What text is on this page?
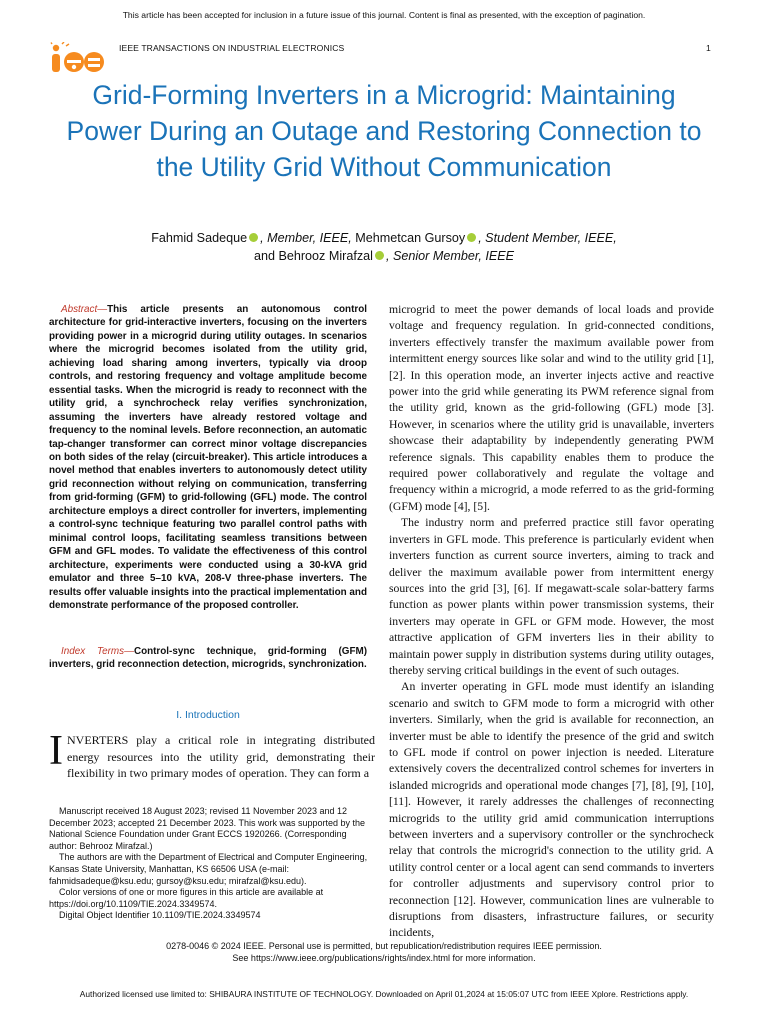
This article has been accepted for inclusion in a future issue of this journal. Content is final as presented, with the exception of pagination.
IEEE TRANSACTIONS ON INDUSTRIAL ELECTRONICS	1
Grid-Forming Inverters in a Microgrid: Maintaining Power During an Outage and Restoring Connection to the Utility Grid Without Communication
Fahmid Sadeque , Member, IEEE, Mehmetcan Gursoy , Student Member, IEEE,
and Behrooz Mirafzal , Senior Member, IEEE
Abstract—This article presents an autonomous control architecture for grid-interactive inverters, focusing on the inverters providing power in a microgrid during utility outages. In scenarios where the microgrid becomes isolated from the utility grid, achieving load sharing among inverters, typically via droop controls, and restoring frequency and voltage amplitude become essential tasks. When the microgrid is ready to reconnect with the utility grid, a synchrocheck relay verifies synchronization, assuming the inverters have already restored voltage and frequency to the nominal levels. Before reconnection, an automatic tap-changer transformer can correct minor voltage discrepancies on both sides of the relay (circuit-breaker). This article introduces a novel method that enables inverters to autonomously detect utility grid reconnection without relying on communication, transferring from grid-forming (GFM) to grid-following (GFL) mode. The control architecture employs a direct controller for inverters, implementing a control-sync technique featuring two parallel control paths with minimal control loops, facilitating seamless transitions between GFM and GFL modes. To validate the effectiveness of this control architecture, experiments were conducted using a 30-kVA grid emulator and three 5–10 kVA, 208-V three-phase inverters. The results offer valuable insights into the practical implementation and demonstrate performance of the proposed controller.
Index Terms—Control-sync technique, grid-forming (GFM) inverters, grid reconnection detection, microgrids, synchronization.
I. Introduction
INVERTERS play a critical role in integrating distributed energy resources into the utility grid, demonstrating their flexibility in two primary modes of operation. They can form a

Manuscript received 18 August 2023; revised 11 November 2023 and 12 December 2023; accepted 21 December 2023. This work was supported by the National Science Foundation under Grant ECCS 1920266. (Corresponding author: Behrooz Mirafzal.)

The authors are with the Department of Electrical and Computer Engineering, Kansas State University, Manhattan, KS 66506 USA (e-mail: fahmidsadeque@ksu.edu; gursoy@ksu.edu; mirafzal@ksu.edu).

Color versions of one or more figures in this article are available at https://doi.org/10.1109/TIE.2024.3349574.

Digital Object Identifier 10.1109/TIE.2024.3349574

microgrid to meet the power demands of local loads and provide voltage and frequency regulation. In grid-connected conditions, inverters effectively transfer the maximum available power from intermittent energy sources like solar and wind to the utility grid [1], [2]. In this operation mode, an inverter injects active and reactive power into the grid while generating its PWM reference signal from the utility grid, known as the grid-following (GFL) mode [3]. However, in scenarios where the utility grid is unavailable, inverters showcase their adaptability by independently generating PWM reference signals. This capability enables them to produce the required power collaboratively and regulate the voltage and frequency within a microgrid, a mode referred to as the grid-forming (GFM) mode [4], [5].

The industry norm and preferred practice still favor operating inverters in GFL mode. This preference is particularly evident when inverters function as current source inverters, aiming to track and deliver the maximum available power from intermittent energy sources into the grid [3], [6]. If megawatt-scale solar-battery farms function as power plants within power transmission systems, their inverters may operate in GFL or GFM mode. However, the most attractive application of GFM inverters lies in their ability to maintain power supply in distribution systems during utility outages, thereby serving critical buildings in the event of such outages.

An inverter operating in GFL mode must identify an islanding scenario and switch to GFM mode to form a microgrid with other inverters. Similarly, when the grid is available for reconnection, an inverter must be able to identify the presence of the grid and switch to GFL mode if control on power injection is needed. Literature extensively covers the decentralized control schemes for inverters in islanded microgrids and operational mode changes [7], [8], [9], [10], [11]. However, it rarely addresses the challenges of reconnecting microgrids to the utility grid amid communication interruptions between inverters and a supervisory controller or the synchrocheck relay that controls the microgrid's connection to the utility grid. A utility control center or a local agent can send commands to inverters for controller adjustments and supervisory control prior to reconnection [12]. However, communication lines are vulnerable to disruptions from disasters, infrastructure failures, or security incidents,

0278-0046 © 2024 IEEE. Personal use is permitted, but republication/redistribution requires IEEE permission.
See https://www.ieee.org/publications/rights/index.html for more information.
Authorized licensed use limited to: SHIBAURA INSTITUTE OF TECHNOLOGY. Downloaded on April 01,2024 at 15:05:07 UTC from IEEE Xplore. Restrictions apply.
